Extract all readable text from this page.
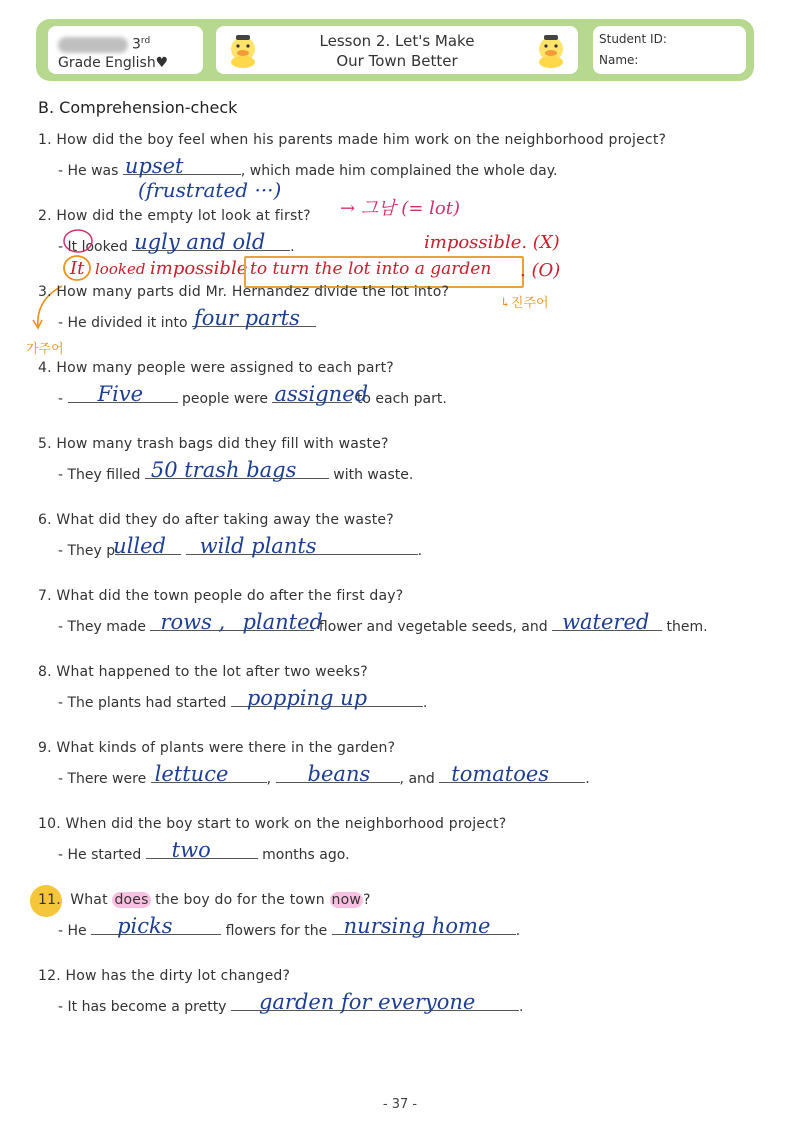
3rd
Grade English♥
Lesson 2. Let's Make
Our Town Better
Student ID:
Name:
B. Comprehension-check
1. How did the boy feel when his parents made him work on the neighborhood project?
- He was upset	, which made him complained the whole day.
(frustrated ···)
2. How did the empty lot look at first? → 그남 (= lot)
- It looked ugly and old .	impossible. (X)
It looked impossible to turn the lot into a garden . (O)
↳진주어
가주어
3. How many parts did Mr. Hernandez divide the lot into?
- He divided it into four parts
4. How many people were assigned to each part?
- Five	people were assigned
to each part.
5. How many trash bags did they fill with waste?
- They filled 50 trash bags	with waste.
6. What did they do after taking away the waste?
- They p
ulled
wild plants	.
7. What did the town people do after the first day?
- They made rows , planted
flower and vegetable seeds, and watered them.
8. What happened to the lot after two weeks?
- The plants had started popping up	.
9. What kinds of plants were there in the garden?
- There were lettuce	, beans , and tomatoes	.
10. When did the boy start to work on the neighborhood project?
- He started two	months ago.
11. What does the boy do for the town now ?
- He picks	flowers for the nursing home .
12. How has the dirty lot changed?
- It has become a pretty garden for everyone	.
- 37 -
